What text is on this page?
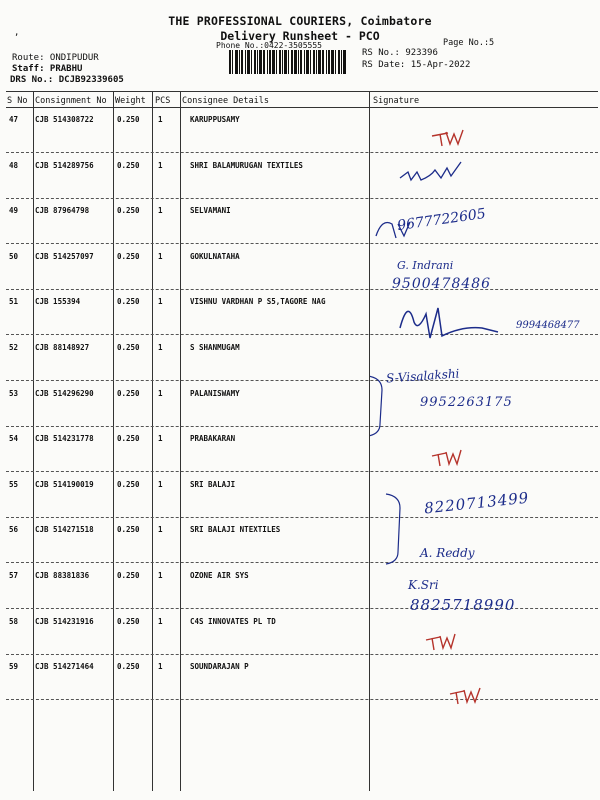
,
THE PROFESSIONAL COURIERS, Coimbatore
Delivery Runsheet - PCO
Phone No.:0422-3505555	Page No.:5
RS No.: 923396
RS Date: 15-Apr-2022
Route: ONDIPUDUR
Staff: PRABHU
DRS No.: DCJB92339605
S No Consignment No Weight PCS Consignee Details	Signature
47 CJB 514308722	0.250 1	KARUPPUSAMY
48 CJB 514289756	0.250 1	SHRI BALAMURUGAN TEXTILES
49 CJB 87964798	0.250 1	SELVAMANI
50 CJB 514257097	0.250 1	GOKULNATAHA
51 CJB 155394	0.250 1	VISHNU VARDHAN P S5,TAGORE NAG
52 CJB 88148927	0.250 1	S SHANMUGAM
53 CJB 514296290	0.250 1	PALANISWAMY
54 CJB 514231778	0.250 1	PRABAKARAN
55 CJB 514190019	0.250 1	SRI BALAJI
56 CJB 514271518	0.250 1	SRI BALAJI NTEXTILES
57 CJB 88381836	0.250 1	OZONE AIR SYS
58 CJB 514231916	0.250 1	C4S INNOVATES PL TD
59 CJB 514271464	0.250 1	SOUNDARAJAN P
9677722605
G. Indrani
9500478486
9994468477
S-Visalakshi
9952263175
8220713499
A. Reddy
K.Sri
8825718990
